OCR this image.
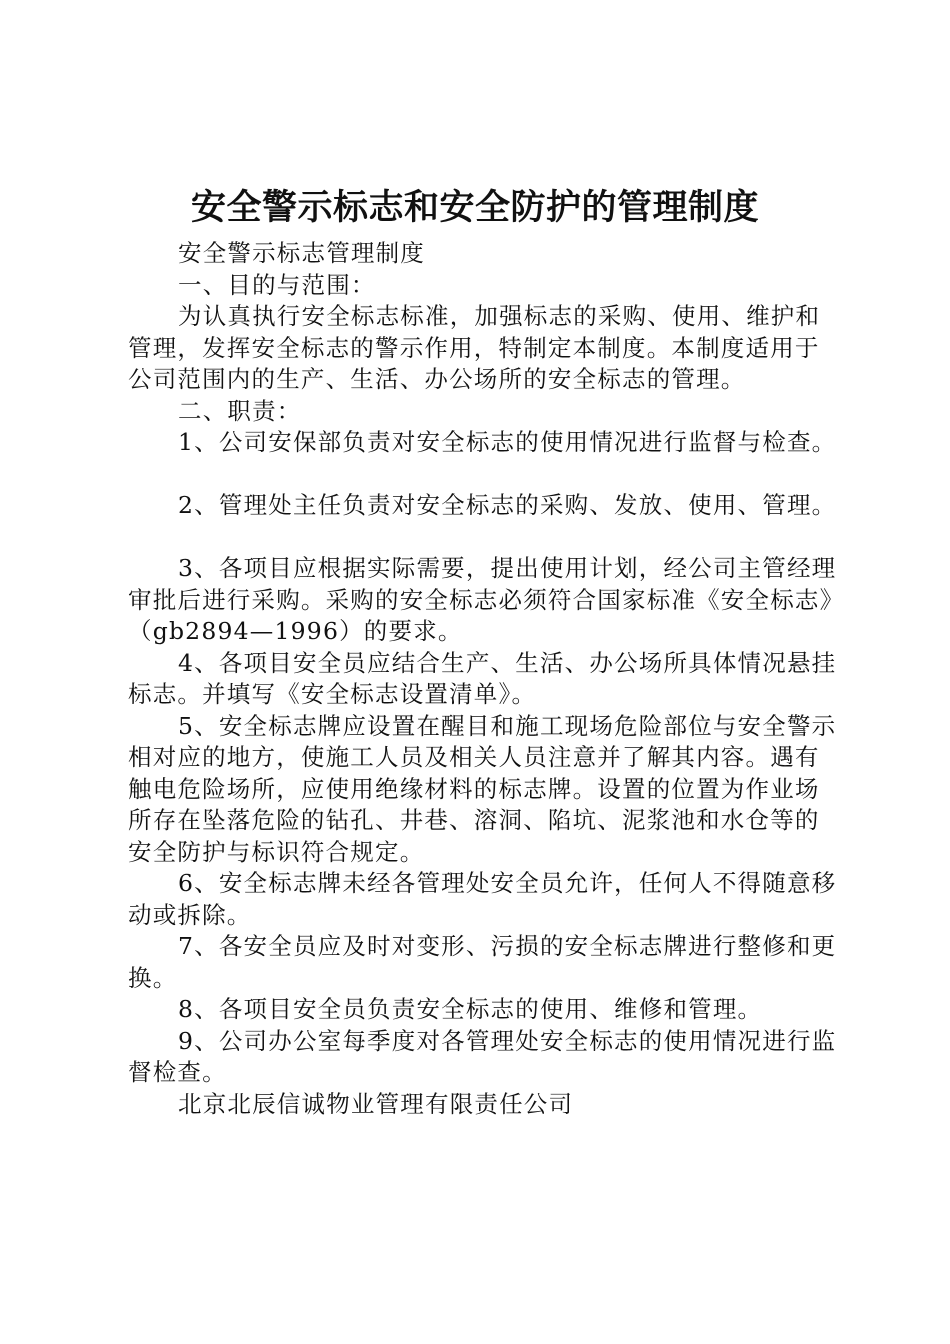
安全警示标志和安全防护的管理制度

安全警示标志管理制度

一、目的与范围：

为认真执行安全标志标准，加强标志的采购、使用、维护和管理，发挥安全标志的警示作用，特制定本制度。本制度适用于公司范围内的生产、生活、办公场所的安全标志的管理。

二、职责：

1、公司安保部负责对安全标志的使用情况进行监督与检查。

2、管理处主任负责对安全标志的采购、发放、使用、管理。

3、各项目应根据实际需要，提出使用计划，经公司主管经理审批后进行采购。采购的安全标志必须符合国家标准《安全标志》（gb2894—1996）的要求。

4、各项目安全员应结合生产、生活、办公场所具体情况悬挂标志。并填写《安全标志设置清单》。

5、安全标志牌应设置在醒目和施工现场危险部位与安全警示相对应的地方，使施工人员及相关人员注意并了解其内容。遇有触电危险场所，应使用绝缘材料的标志牌。设置的位置为作业场所存在坠落危险的钻孔、井巷、溶洞、陷坑、泥浆池和水仓等的安全防护与标识符合规定。

6、安全标志牌未经各管理处安全员允许，任何人不得随意移动或拆除。

7、各安全员应及时对变形、污损的安全标志牌进行整修和更换。

8、各项目安全员负责安全标志的使用、维修和管理。

9、公司办公室每季度对各管理处安全标志的使用情况进行监督检查。

北京北辰信诚物业管理有限责任公司
